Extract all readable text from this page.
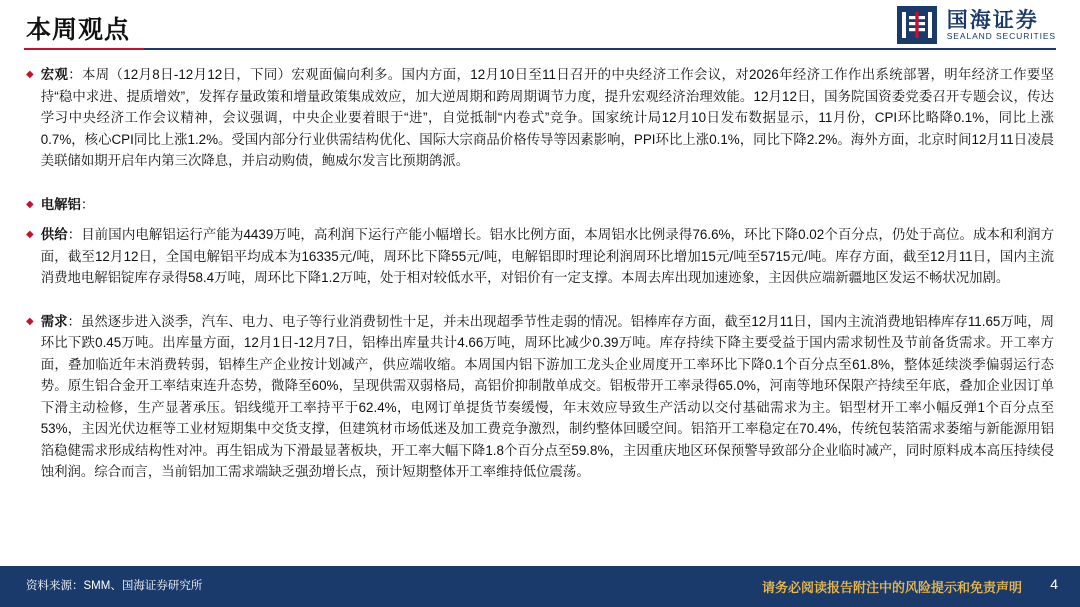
本周观点	国海证券
SEALAND SECURITIES
◆ 宏观：本周（12月8日-12月12日，下同）宏观面偏向利多。国内方面，12月10日至11日召开的中央经济工作会议，对2026年经济工作作出系统部署，明年经济工作要坚持“稳中求进、提质增效”，发挥存量政策和增量政策集成效应，加大逆周期和跨周期调节力度，提升宏观经济治理效能。12月12日，国务院国资委党委召开专题会议，传达学习中央经济工作会议精神，会议强调，中央企业要着眼于“进”，自觉抵制“内卷式”竞争。国家统计局12月10日发布数据显示，11月份，CPI环比略降0.1%，同比上涨0.7%，核心CPI同比上涨1.2%。受国内部分行业供需结构优化、国际大宗商品价格传导等因素影响，PPI环比上涨0.1%，同比下降2.2%。海外方面，北京时间12月11日凌晨美联储如期开启年内第三次降息，并启动购债，鲍威尔发言比预期鸽派。
◆ 电解铝：
◆ 供给：目前国内电解铝运行产能为4439万吨，高利润下运行产能小幅增长。铝水比例方面，本周铝水比例录得76.6%，环比下降0.02个百分点，仍处于高位。成本和利润方面，截至12月12日，全国电解铝平均成本为16335元/吨，周环比下降55元/吨，电解铝即时理论利润周环比增加15元/吨至5715元/吨。库存方面，截至12月11日，国内主流消费地电解铝锭库存录得58.4万吨，周环比下降1.2万吨，处于相对较低水平，对铝价有一定支撑。本周去库出现加速迹象，主因供应端新疆地区发运不畅状况加剧。
◆ 需求：虽然逐步进入淡季，汽车、电力、电子等行业消费韧性十足，并未出现超季节性走弱的情况。铝棒库存方面，截至12月11日，国内主流消费地铝棒库存11.65万吨，周环比下跌0.45万吨。出库量方面，12月1日-12月7日，铝棒出库量共计4.66万吨，周环比减少0.39万吨。库存持续下降主要受益于国内需求韧性及节前备货需求。开工率方面，叠加临近年末消费转弱，铝棒生产企业按计划减产，供应端收缩。本周国内铝下游加工龙头企业周度开工率环比下降0.1个百分点至61.8%，整体延续淡季偏弱运行态势。原生铝合金开工率结束连升态势，微降至60%，呈现供需双弱格局，高铝价抑制散单成交。铝板带开工率录得65.0%，河南等地环保限产持续至年底，叠加企业因订单下滑主动检修，生产显著承压。铝线缆开工率持平于62.4%，电网订单提货节奏缓慢，年末效应导致生产活动以交付基础需求为主。铝型材开工率小幅反弹1个百分点至53%，主因光伏边框等工业材短期集中交货支撑，但建筑材市场低迷及加工费竞争激烈，制约整体回暖空间。铝箔开工率稳定在70.4%，传统包装箔需求萎缩与新能源用铝箔稳健需求形成结构性对冲。再生铝成为下滑最显著板块，开工率大幅下降1.8个百分点至59.8%，主因重庆地区环保预警导致部分企业临时减产，同时原料成本高压持续侵蚀利润。综合而言，当前铝加工需求端缺乏强劲增长点，预计短期整体开工率维持低位震荡。
资料来源：SMM、国海证券研究所	请务必阅读报告附注中的风险提示和免责声明 4
